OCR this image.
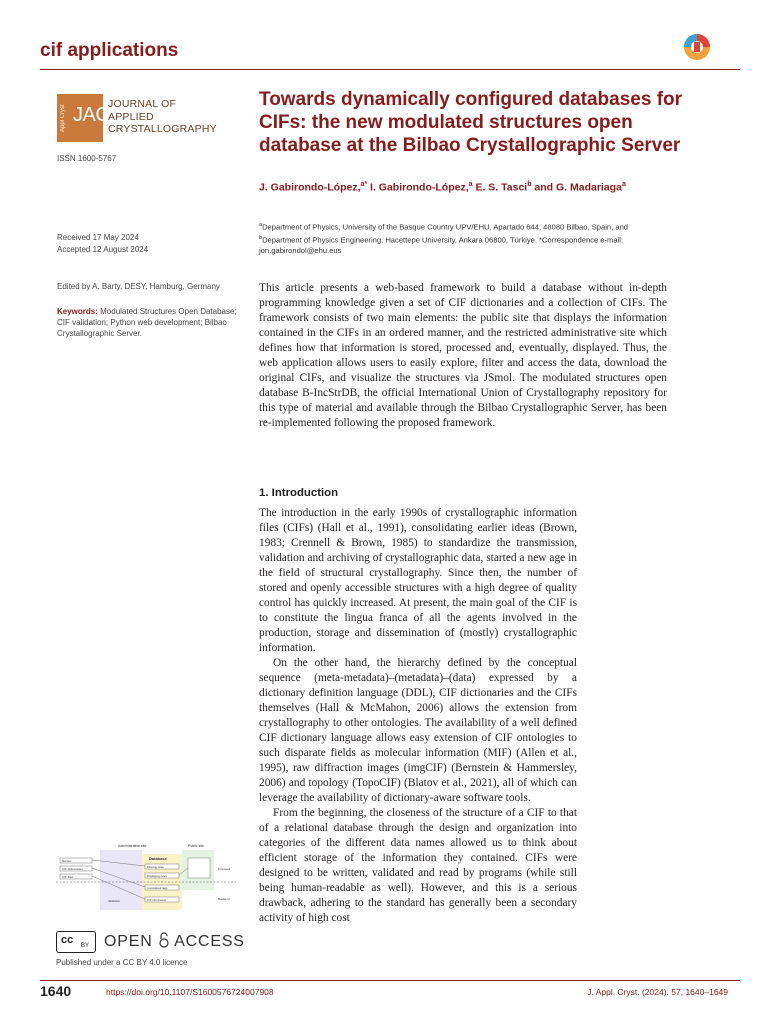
cif applications
Appl Cryst JAC
JOURNAL OF
APPLIED
CRYSTALLOGRAPHY
ISSN 1600-5767
Received 17 May 2024
Accepted 12 August 2024
Edited by A. Barty, DESY, Hamburg, Germany
Keywords: Modulated Structures Open Database; CIF validation; Python web development; Bilbao Crystallographic Server.
Towards dynamically configured databases for CIFs: the new modulated structures open database at the Bilbao Crystallographic Server
J. Gabirondo-López,$^{a*}$ I. Gabirondo-López,$^a$ E. S. Tasci$^b$ and G. Madariaga$^a$
$^a$Department of Physics, University of the Basque Country UPV/EHU, Apartado 644, 48080 Bilbao, Spain, and
$^b$Department of Physics Engineering, Hacettepe University, Ankara 06800, Türkiye. *Correspondence e-mail: jon.gabirondol@ehu.eus
This article presents a web-based framework to build a database without in-depth programming knowledge given a set of CIF dictionaries and a collection of CIFs. The framework consists of two main elements: the public site that displays the information contained in the CIFs in an ordered manner, and the restricted administrative site which defines how that information is stored, processed and, eventually, displayed. Thus, the web application allows users to easily explore, filter and access the data, download the original CIFs, and visualize the structures via JSmol. The modulated structures open database B-IncStrDB, the official International Union of Crystallography repository for this type of material and available through the Bilbao Crystallographic Server, has been re-implemented following the proposed framework.
1. Introduction

The introduction in the early 1990s of crystallographic information files (CIFs) (Hall et al., 1991), consolidating earlier ideas (Brown, 1983; Crennell & Brown, 1985) to standardize the transmission, validation and archiving of crystallographic data, started a new age in the field of structural crystallography. Since then, the number of stored and openly accessible structures with a high degree of quality control has quickly increased. At present, the main goal of the CIF is to constitute the lingua franca of all the agents involved in the production, storage and dissemination of (mostly) crystallographic information.

On the other hand, the hierarchy defined by the conceptual sequence (meta-metadata)–(metadata)–(data) expressed by a dictionary definition language (DDL), CIF dictionaries and the CIFs themselves (Hall & McMahon, 2006) allows the extension from crystallography to other ontologies. The availability of a well defined CIF dictionary language allows easy extension of CIF ontologies to such disparate fields as molecular information (MIF) (Allen et al., 1995), raw diffraction images (imgCIF) (Bernstein & Hammersley, 2006) and topology (TopoCIF) (Blatov et al., 2021), all of which can leverage the availability of dictionary-aware software tools.

From the beginning, the closeness of the structure of a CIF to that of a relational database through the design and organization into categories of the different data names allowed us to think about efficient storage of the information they contained. CIFs were designed to be written, validated and read by programs (while still being human-readable as well). However, and this is a serious drawback, adhering to the standard has generally been a secondary activity of high cost

Administrative site	Public site
Database
Names
CIF dictionaries
CIF files
Filtering rules
Displaying rules
Considered tags
CIF information
Frontend
Backend
Validation
cc BY OPEN ACCESS
Published under a CC BY 4.0 licence
1640	https://doi.org/10.1107/S1600576724007908	J. Appl. Cryst. (2024). 57, 1640–1649
